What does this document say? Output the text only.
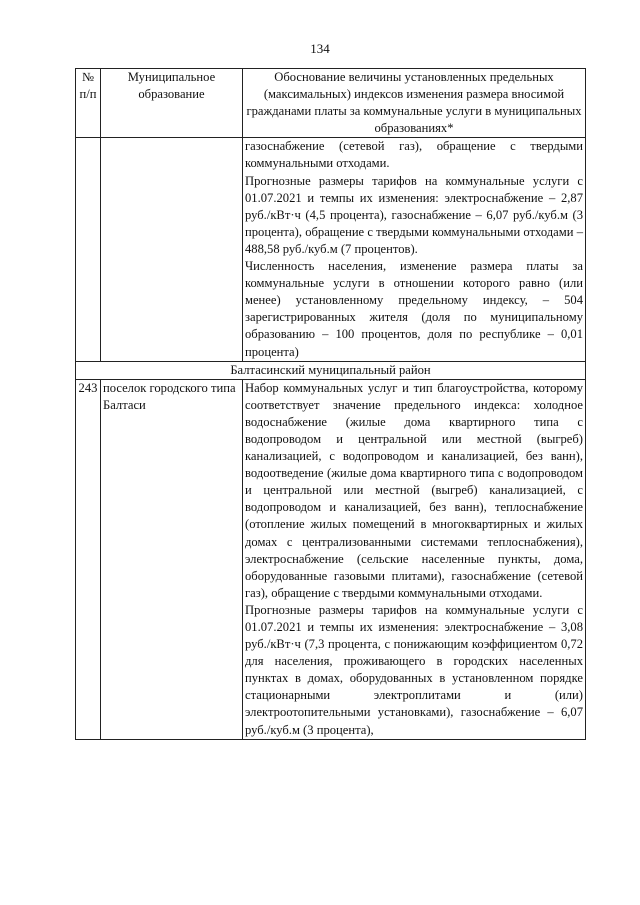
134
№ п/п	Муниципальное образование	Обоснование величины установленных предельных (максимальных) индексов изменения размера вносимой гражданами платы за коммунальные услуги в муниципальных образованиях*

		газоснабжение (сетевой газ), обращение с твердыми коммунальными отходами.
Прогнозные размеры тарифов на коммунальные услуги с 01.07.2021 и темпы их изменения: электроснабжение – 2,87 руб./кВт·ч (4,5 процента), газоснабжение – 6,07 руб./куб.м (3 процента), обращение с твердыми коммунальными отходами – 488,58 руб./куб.м (7 процентов).
Численность населения, изменение размера платы за коммунальные услуги в отношении которого равно (или менее) установленному предельному индексу, – 504 зарегистрированных жителя (доля по муниципальному образованию – 100 процентов, доля по республике – 0,01 процента)

Балтасинский муниципальный район		
243	поселок городского типа Балтаси	Набор коммунальных услуг и тип благоустройства, которому соответствует значение предельного индекса: холодное водоснабжение (жилые дома квартирного типа с водопроводом и центральной или местной (выгреб) канализацией, с водопроводом и канализацией, без ванн), водоотведение (жилые дома квартирного типа с водопроводом и центральной или местной (выгреб) канализацией, с водопроводом и канализацией, без ванн), теплоснабжение (отопление жилых помещений в многоквартирных и жилых домах с централизованными системами теплоснабжения), электроснабжение (сельские населенные пункты, дома, оборудованные газовыми плитами), газоснабжение (сетевой газ), обращение с твердыми коммунальными отходами.
Прогнозные размеры тарифов на коммунальные услуги с 01.07.2021 и темпы их изменения: электроснабжение – 3,08 руб./кВт·ч (7,3 процента, с понижающим коэффициентом 0,72 для населения, проживающего в городских населенных пунктах в домах, оборудованных в установленном порядке стационарными электроплитами и (или) электроотопительными установками), газоснабжение – 6,07 руб./куб.м (3 процента),
